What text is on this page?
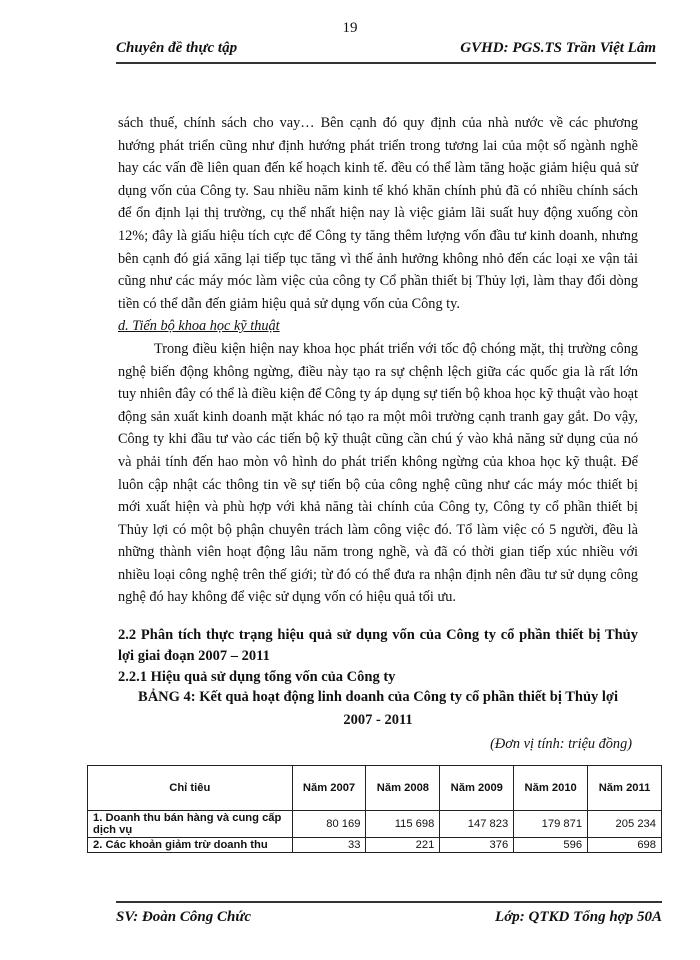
19
Chuyên đề thực tập	GVHD: PGS.TS Trần Việt Lâm

sách thuế, chính sách cho vay… Bên cạnh đó quy định của nhà nước về các phương hướng phát triển cũng như định hướng phát triển trong tương lai của một số ngành nghề hay các vấn đề liên quan đến kế hoạch kinh tế. đều có thể làm tăng hoặc giảm hiệu quả sử dụng vốn của Công ty. Sau nhiều năm kinh tế khó khăn chính phủ đã có nhiều chính sách để ổn định lại thị trường, cụ thể nhất hiện nay là việc giảm lãi suất huy động xuống còn 12%; đây là giấu hiệu tích cực để Công ty tăng thêm lượng vốn đầu tư kinh doanh, nhưng bên cạnh đó giá xăng lại tiếp tục tăng vì thế ảnh hưởng không nhỏ đến các loại xe vận tải cũng như các máy móc làm việc của công ty Cổ phần thiết bị Thủy lợi, làm thay đổi dòng tiền có thể dẫn đến giảm hiệu quả sử dụng vốn của Công ty.

d. Tiến bộ khoa học kỹ thuật

Trong điều kiện hiện nay khoa học phát triển với tốc độ chóng mặt, thị trường công nghệ biến động không ngừng, điều này tạo ra sự chệnh lệch giữa các quốc gia là rất lớn tuy nhiên đây có thể là điều kiện để Công ty áp dụng sự tiến bộ khoa học kỹ thuật vào hoạt động sản xuất kinh doanh mặt khác nó tạo ra một môi trường cạnh tranh gay gắt. Do vậy, Công ty khi đầu tư vào các tiến bộ kỹ thuật cũng cần chú ý vào khả năng sử dụng của nó và phải tính đến hao mòn vô hình do phát triển không ngừng của khoa học kỹ thuật. Để luôn cập nhật các thông tin về sự tiến bộ của công nghệ cũng như các máy móc thiết bị mới xuất hiện và phù hợp với khả năng tài chính của Công ty, Công ty cổ phần thiết bị Thủy lợi có một bộ phận chuyên trách làm công việc đó. Tổ làm việc có 5 người, đều là những thành viên hoạt động lâu năm trong nghề, và đã có thời gian tiếp xúc nhiều với nhiều loại công nghệ trên thế giới; từ đó có thể đưa ra nhận định nên đầu tư sử dụng công nghệ đó hay không để việc sử dụng vốn có hiệu quả tối ưu.

2.2 Phân tích thực trạng hiệu quả sử dụng vốn của Công ty cổ phần thiết bị Thủy lợi giai đoạn 2007 – 2011

2.2.1 Hiệu quả sử dụng tổng vốn của Công ty

BẢNG 4: Kết quả hoạt động linh doanh của Công ty cổ phần thiết bị Thủy lợi
2007 - 2011
(Đơn vị tính: triệu đồng)
Chỉ tiêu	Năm 2007	Năm 2008	Năm 2009	Năm 2010	Năm 2011
1. Doanh thu bán hàng và cung cấp dịch vụ	80 169	115 698	147 823	179 871	205 234
2. Các khoản giảm trừ doanh thu	33	221	376	596	698
SV: Đoàn Công Chức	Lớp: QTKD Tổng hợp 50A
